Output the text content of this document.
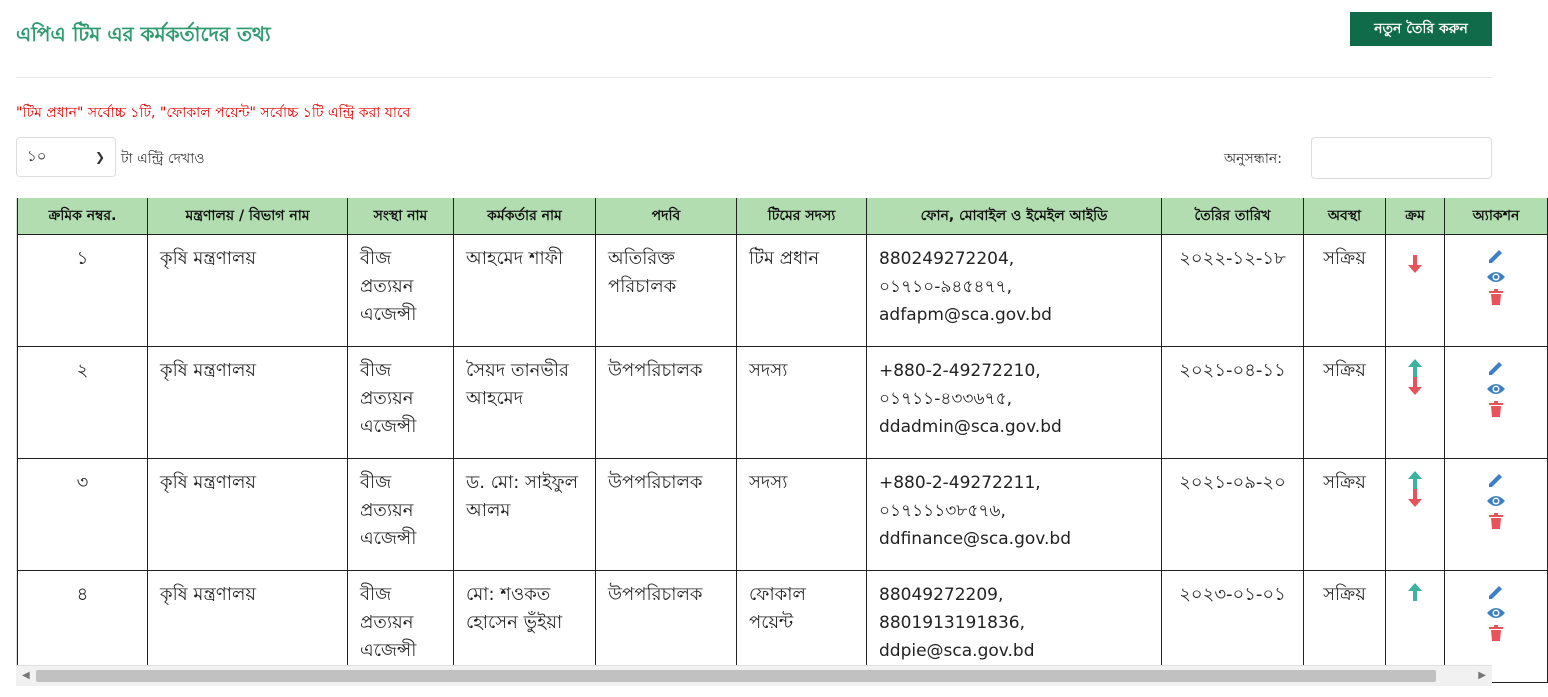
এপিএ টিম এর কর্মকর্তাদের তথ্য	নতুন তৈরি করুন
"টিম প্রধান" সর্বোচ্চ ১টি, "ফোকাল পয়েন্ট" সর্বোচ্চ ১টি এন্ট্রি করা যাবে
১০	❯ টা এন্ট্রি দেখাও	অনুসন্ধান:
ক্রমিক নম্বর.	মন্ত্রণালয় / বিভাগ নাম	সংস্থা নাম	কর্মকর্তার নাম	পদবি	টিমের সদস্য	ফোন, মোবাইল ও ইমেইল আইডি	তৈরির তারিখ	অবস্থা	ক্রম	অ্যাকশন
১	কৃষি মন্ত্রণালয়	বীজ প্রত্যয়ন এজেন্সী	আহমেদ শাফী	অতিরিক্ত পরিচালক	টিম প্রধান	880249272204,
০১৭১০-৯৪৫৪৭৭,
adfapm@sca.gov.bd	২০২২-১২-১৮	সক্রিয়	

২	কৃষি মন্ত্রণালয়	বীজ প্রত্যয়ন এজেন্সী	সৈয়দ তানভীর আহমেদ	উপপরিচালক	সদস্য	+880-2-49272210,
০১৭১১-৪৩৩৬৭৫,
ddadmin@sca.gov.bd	২০২১-০৪-১১	সক্রিয়	

৩	কৃষি মন্ত্রণালয়	বীজ প্রত্যয়ন এজেন্সী	ড. মো: সাইফুল আলম	উপপরিচালক	সদস্য	+880-2-49272211,
০১৭১১১৩৮৫৭৬,
ddfinance@sca.gov.bd	২০২১-০৯-২০	সক্রিয়	

৪	কৃষি মন্ত্রণালয়	বীজ প্রত্যয়ন এজেন্সী	মো: শওকত হোসেন ভুঁইয়া	উপপরিচালক	ফোকাল পয়েন্ট	88049272209,
8801913191836,
ddpie@sca.gov.bd	২০২৩-০১-০১	সক্রিয়	

◀	▶
